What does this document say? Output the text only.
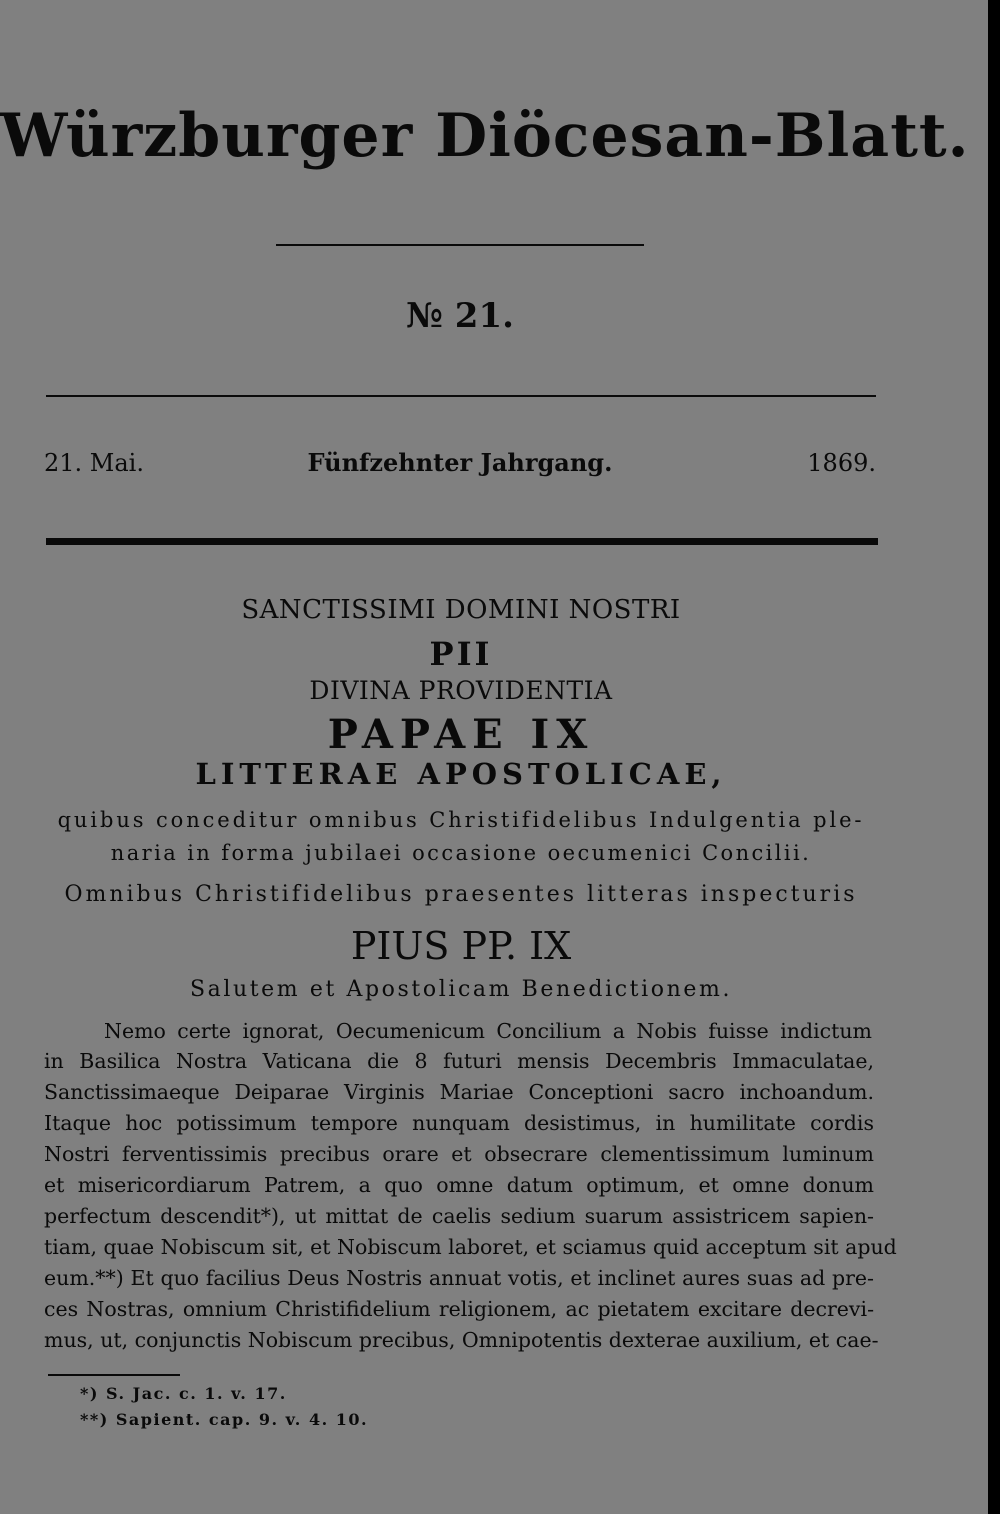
Würzburger Diöcesan-Blatt.
№ 21.
21. Mai.	Fünfzehnter Jahrgang.	1869.
SANCTISSIMI DOMINI NOSTRI
PII
DIVINA PROVIDENTIA
PAPAE IX
LITTERAE APOSTOLICAE,
quibus conceditur omnibus Christifidelibus Indulgentia ple-
naria in forma jubilaei occasione oecumenici Concilii.
Omnibus Christifidelibus praesentes litteras inspecturis
PIUS PP. IX
Salutem et Apostolicam Benedictionem.
Nemo certe ignorat, Oecumenicum Concilium a Nobis fuisse indictum
in Basilica Nostra Vaticana die 8 futuri mensis Decembris Immaculatae,
Sanctissimaeque Deiparae Virginis Mariae Conceptioni sacro inchoandum.
Itaque hoc potissimum tempore nunquam desistimus, in humilitate cordis
Nostri ferventissimis precibus orare et obsecrare clementissimum luminum
et misericordiarum Patrem, a quo omne datum optimum, et omne donum
perfectum descendit*), ut mittat de caelis sedium suarum assistricem sapien-
tiam, quae Nobiscum sit, et Nobiscum laboret, et sciamus quid acceptum sit apud
eum.**) Et quo facilius Deus Nostris annuat votis, et inclinet aures suas ad pre-
ces Nostras, omnium Christifidelium religionem, ac pietatem excitare decrevi-
mus, ut, conjunctis Nobiscum precibus, Omnipotentis dexterae auxilium, et cae-
*) S. Jac. c. 1. v. 17.
**) Sapient. cap. 9. v. 4. 10.
